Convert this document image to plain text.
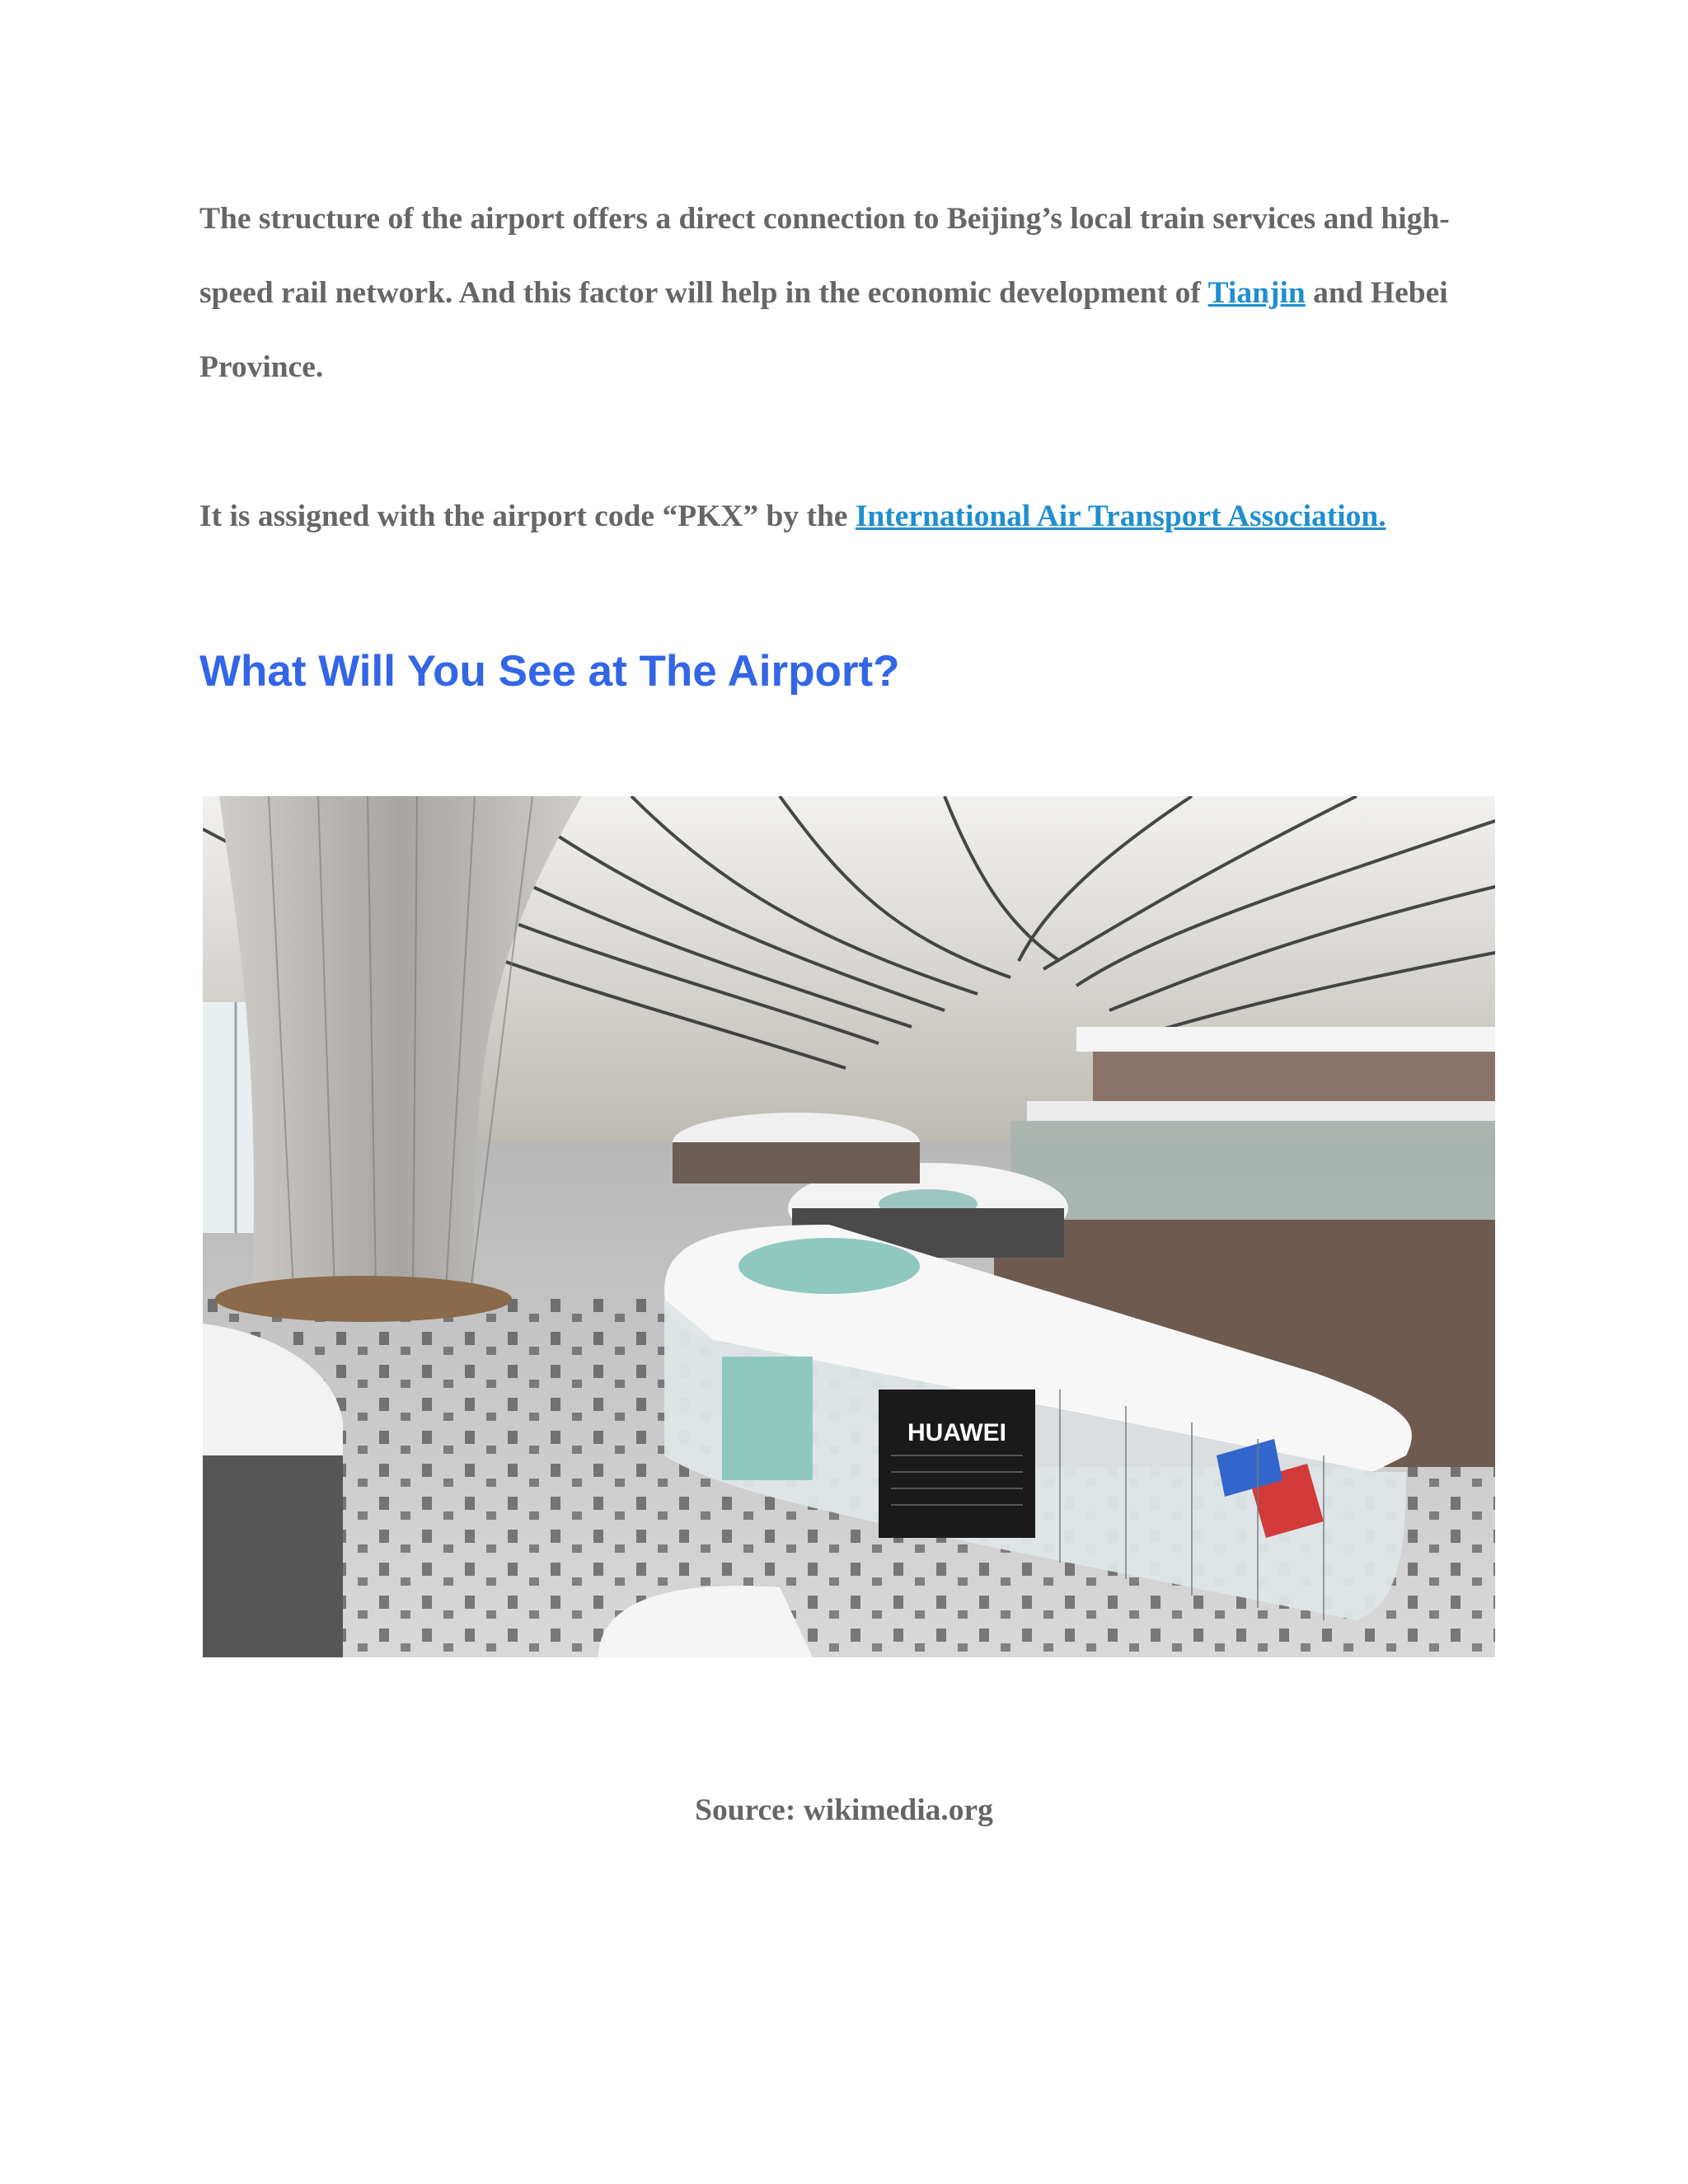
The structure of the airport offers a direct connection to Beijing’s local train services and high-speed rail network. And this factor will help in the economic development of Tianjin and Hebei Province.

It is assigned with the airport code “PKX” by the International Air Transport Association.

What Will You See at The Airport?
HUAWEI

Source: wikimedia.org
